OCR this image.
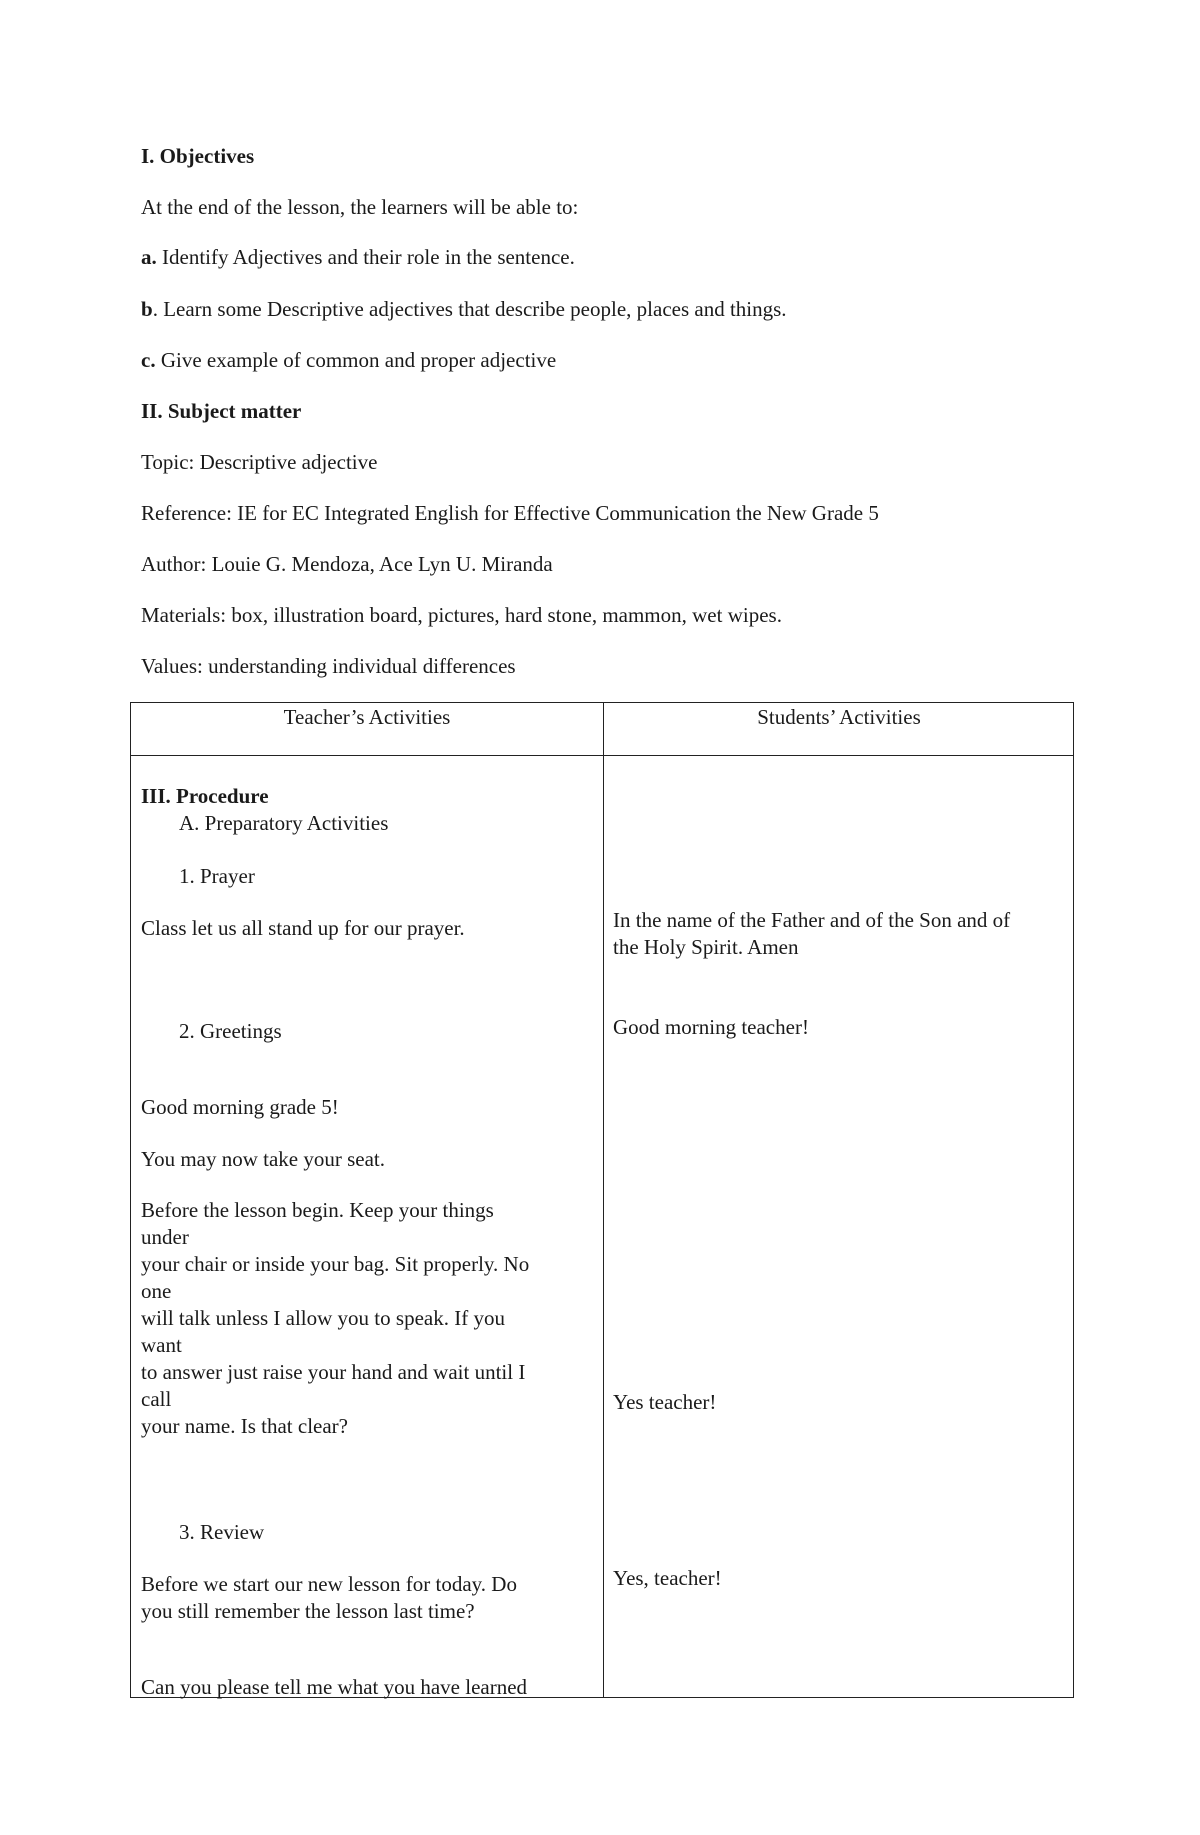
I. Objectives
At the end of the lesson, the learners will be able to:
a. Identify Adjectives and their role in the sentence.
b. Learn some Descriptive adjectives that describe people, places and things.
c. Give example of common and proper adjective
II. Subject matter
Topic: Descriptive adjective
Reference: IE for EC Integrated English for Effective Communication the New Grade 5
Author: Louie G. Mendoza, Ace Lyn U. Miranda
Materials: box, illustration board, pictures, hard stone, mammon, wet wipes.
Values: understanding individual differences
Teacher’s Activities	Students’ Activities
III. Procedure
A. Preparatory Activities
1. Prayer
Class let us all stand up for our prayer.
2. Greetings
Good morning grade 5!
You may now take your seat.
Before the lesson begin. Keep your things
under
your chair or inside your bag. Sit properly. No
one
will talk unless I allow you to speak. If you
want
to answer just raise your hand and wait until I
call
your name. Is that clear?
3. Review
Before we start our new lesson for today. Do
you still remember the lesson last time?
Can you please tell me what you have learned
In the name of the Father and of the Son and of
the Holy Spirit. Amen
Good morning teacher!
Yes teacher!
Yes, teacher!
